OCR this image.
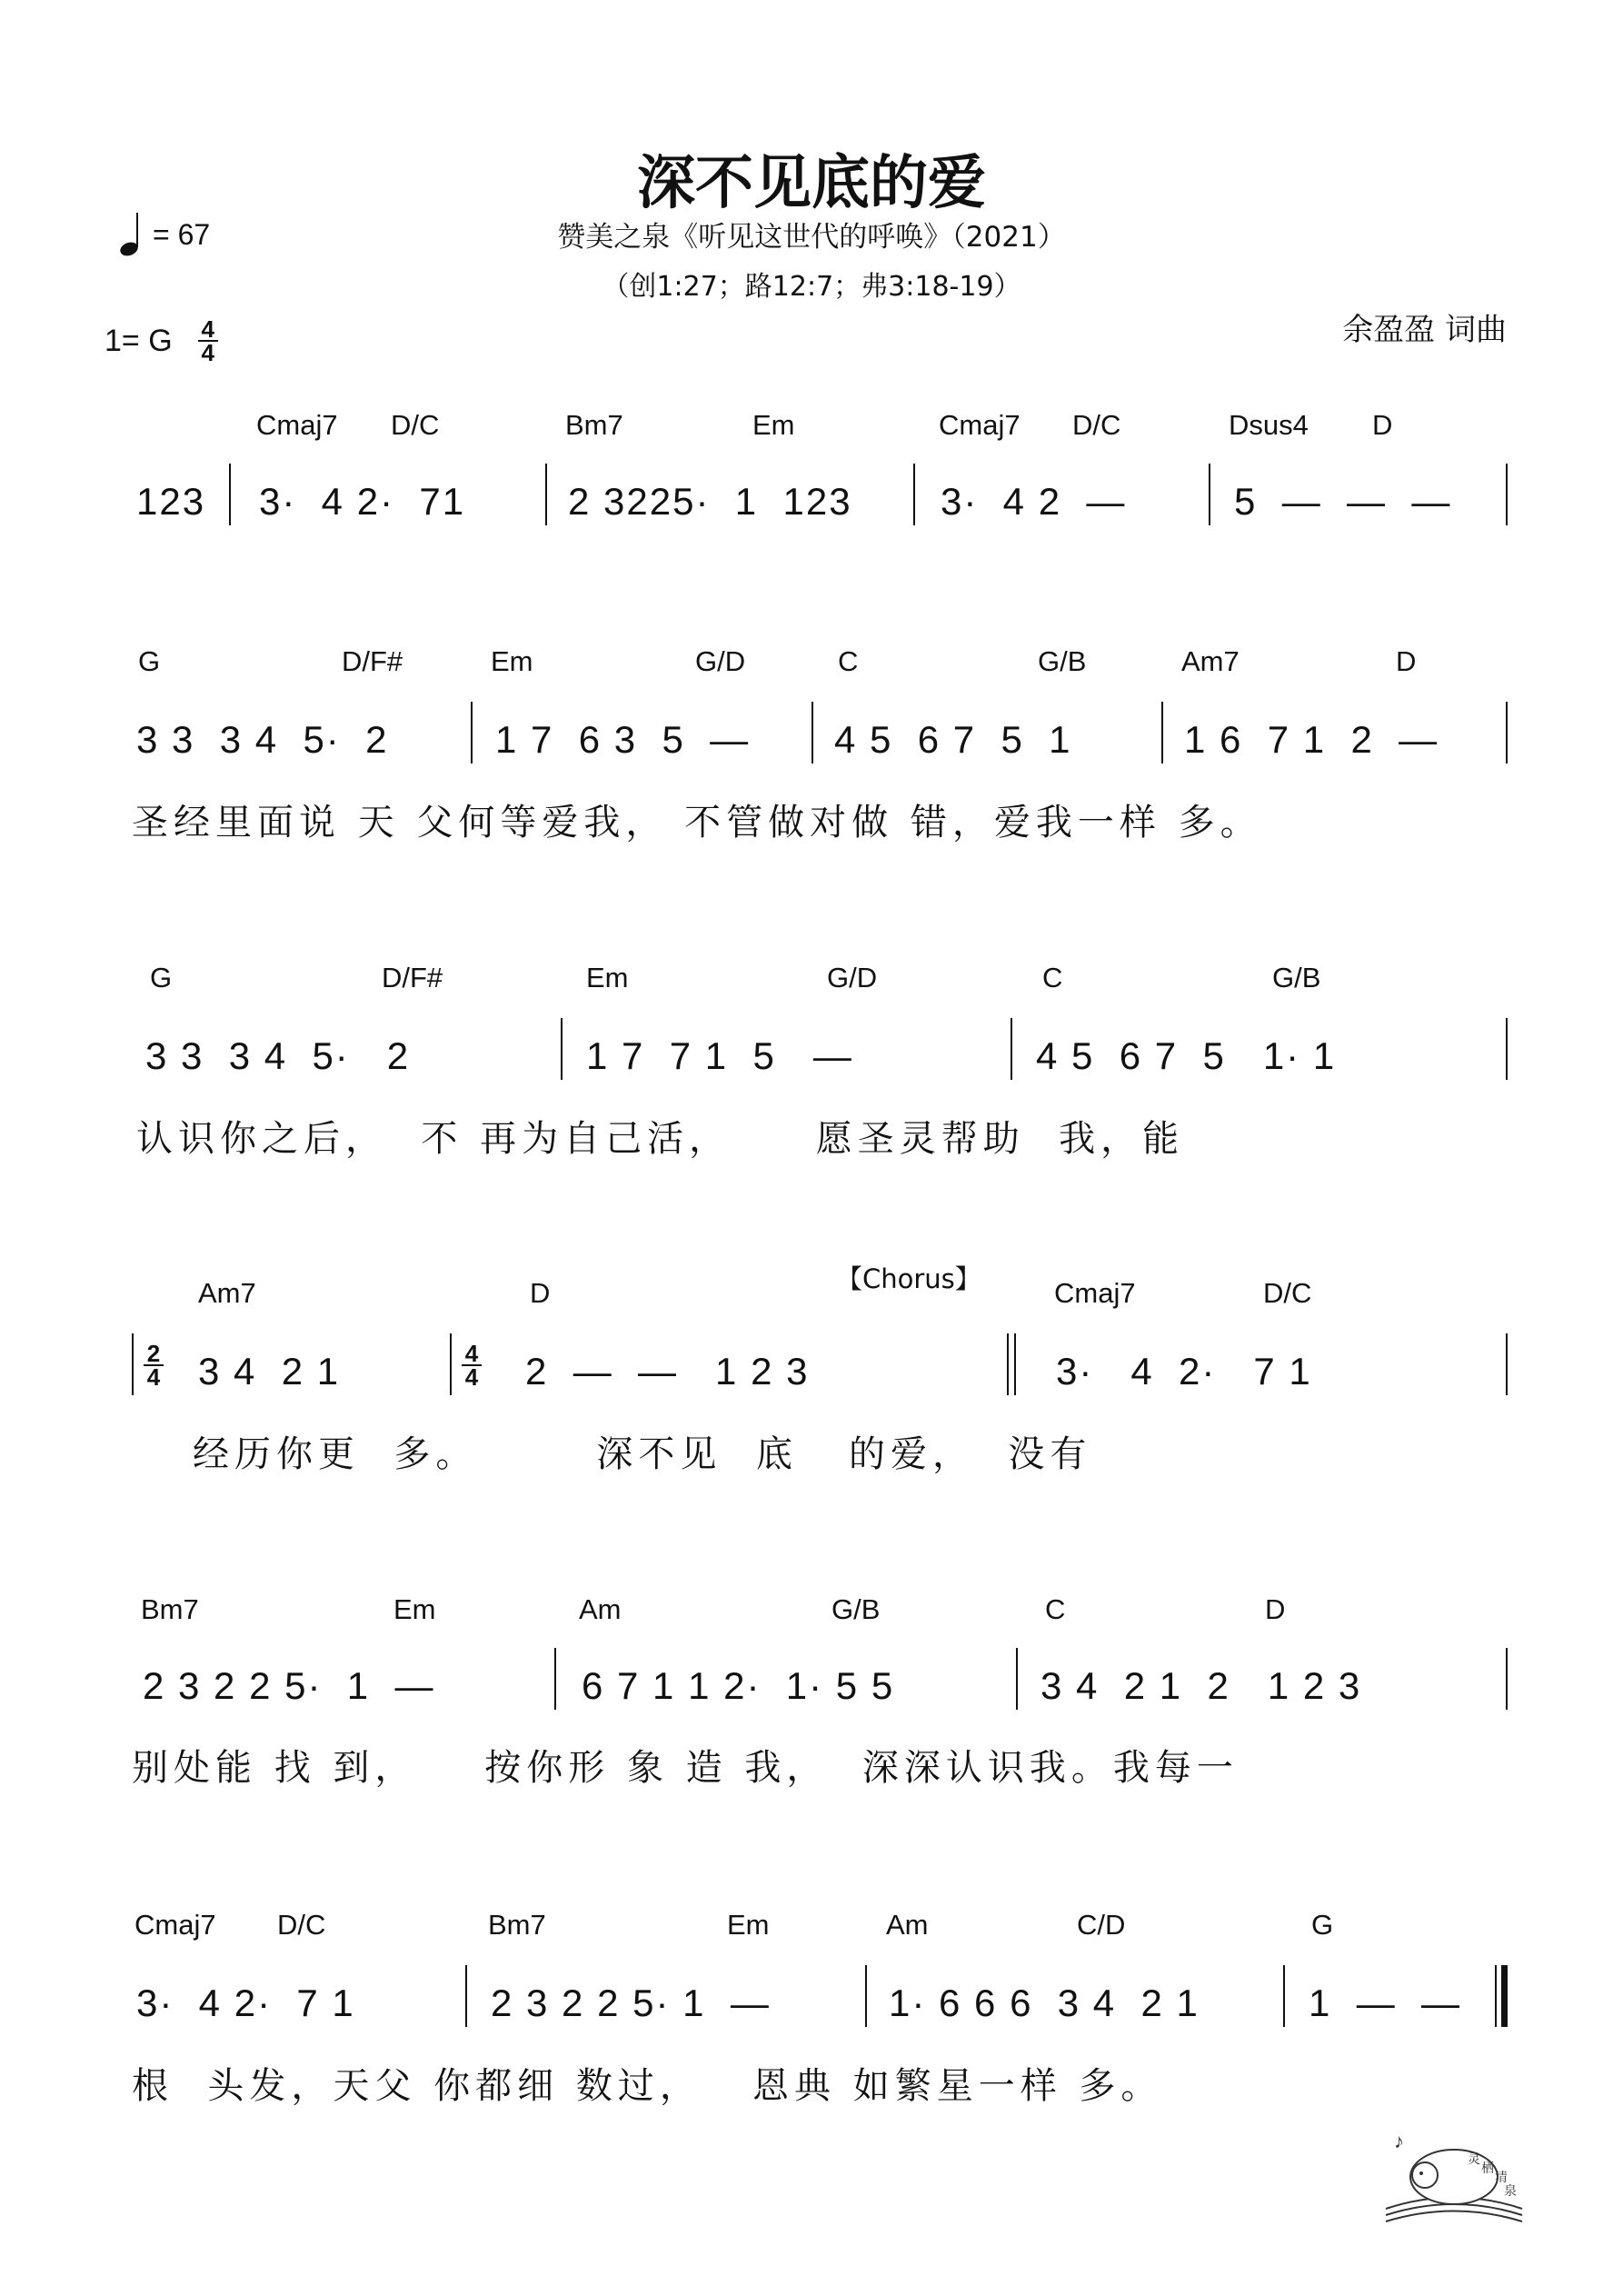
深不见底的爱
赞美之泉《听见这世代的呼唤》（2021）
（创1:27；路12:7；弗3:18-19）
= 67
1= G 4
4
余盈盈 词曲
Cmaj7 D/C	Bm7	Em	Cmaj7 D/C	Dsus4 D
123 3·  4 2·  71	2 3225·  1  123 3·  4 2  —	5  —  —  —
G	D/F#	Em	G/D	C	G/B	Am7	D
3 3  3 4  5·  2	1 7  6 3  5  — 4 5  6 7  5  1	1 6  7 1  2  —
圣经里面说 天 父何等爱我， 不管做对做 错，爱我一样 多。
G	D/F#	Em	G/D	C	G/B
3 3  3 4  5·   2	1 7  7 1  5   —	4 5  6 7  5   1· 1
认识你之后，  不 再为自己活，     愿圣灵帮助  我，能
【Chorus】
Am7	D	Cmaj7	D/C
2
4 3 4  2 1	4
4 2  —  —   1 2 3	3·   4  2·   7 1
经历你更  多。       深不见  底   的爱，  没有
Bm7	Em	Am	G/B	C	D
2 3 2 2 5·  1  —	6 7 1 1 2·  1· 5 5	3 4  2 1  2   1 2 3
别处能 找 到，    按你形 象 造 我，  深深认识我。我每一
Cmaj7 D/C	Bm7	Em	Am	C/D	G
3·  4 2·  7 1	2 3 2 2 5· 1  —	1· 6 6 6  3 4  2 1	1  —  —
根  头发，天父 你都细 数过，   恩典 如繁星一样 多。
灵
栖
清
泉
♪
